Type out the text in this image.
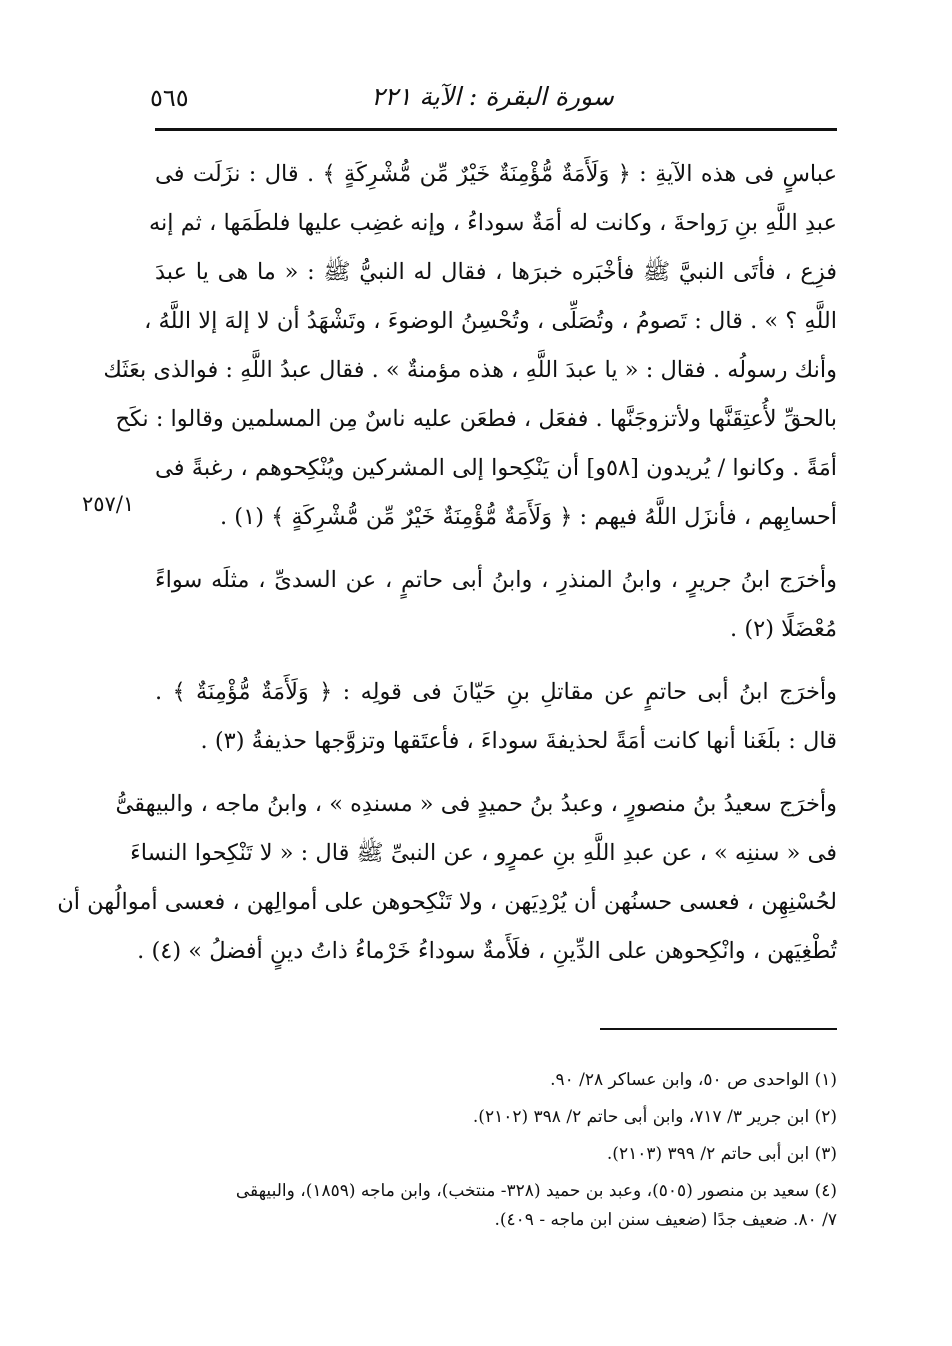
٥٦٥	سورة البقرة : الآية ٢٢١
٢٥٧/١
عباسٍ فى هذه الآيةِ : ﴿ وَلَأَمَةٌ مُّؤْمِنَةٌ خَيْرٌ مِّن مُّشْرِكَةٍ ﴾ . قال : نزَلَت فى
عبدِ اللَّهِ بنِ رَواحةَ ، وكانت له أمَةٌ سوداءُ ، وإنه غضِب عليها فلطَمَها ، ثم إنه
فزِع ، فأتَى النبيَّ ﷺ فأخْبَره خبرَها ، فقال له النبيُّ ﷺ : « ما هى يا عبدَ
اللَّهِ ؟ » . قال : تَصومُ ، وتُصَلِّى ، وتُحْسِنُ الوضوءَ ، وتَشْهَدُ أن لا إلهَ إلا اللَّهُ ،
وأنك رسولُه . فقال : « يا عبدَ اللَّهِ ، هذه مؤمنةٌ » . فقال عبدُ اللَّهِ : فوالذى بعَثَك
بالحقِّ لأُعتِقَنَّها ولأتزوجَنَّها . ففعَل ، فطعَن عليه ناسٌ مِن المسلمين وقالوا : نكَح
أمَةً . وكانوا / يُريدون [٥٨و] أن يَنْكِحوا إلى المشركين ويُنْكِحوهم ، رغبةً فى
أحسابِهم ، فأنزَل اللَّهُ فيهم : ﴿ وَلَأَمَةٌ مُّؤْمِنَةٌ خَيْرٌ مِّن مُّشْرِكَةٍ ﴾ (١) .
وأخرَج ابنُ جريرٍ ، وابنُ المنذرِ ، وابنُ أبى حاتمٍ ، عن السدىِّ ، مثلَه سواءً
مُعْضَلًا (٢) .
وأخرَج ابنُ أبى حاتمٍ عن مقاتلِ بنِ حَيّانَ فى قولِه : ﴿ وَلَأَمَةٌ مُّؤْمِنَةٌ ﴾ .
قال : بلَغَنا أنها كانت أمَةً لحذيفةَ سوداءَ ، فأعتَقها وتزوَّجها حذيفةُ (٣) .
وأخرَج سعيدُ بنُ منصورٍ ، وعبدُ بنُ حميدٍ فى « مسندِه » ، وابنُ ماجه ، والبيهقىُّ
فى « سننِه » ، عن عبدِ اللَّهِ بنِ عمرٍو ، عن النبىِّ ﷺ قال : « لا تَنْكِحوا النساءَ
لحُسْنِهِن ، فعسى حسنُهن أن يُرْدِيَهن ، ولا تَنْكِحوهن على أموالِهن ، فعسى أموالُهن أن
تُطْغِيَهن ، وانْكِحوهن على الدِّينِ ، فلَأَمةٌ سوداءُ خَرْماءُ ذاتُ دينٍ أفضلُ » (٤) .
(١) الواحدى ص ٥٠، وابن عساكر ٢٨/ ٩٠.
(٢) ابن جرير ٣/ ٧١٧، وابن أبى حاتم ٢/ ٣٩٨ (٢١٠٢).
(٣) ابن أبى حاتم ٢/ ٣٩٩ (٢١٠٣).
(٤) سعيد بن منصور (٥٠٥)، وعبد بن حميد (٣٢٨- منتخب)، وابن ماجه (١٨٥٩)، والبيهقى
٧/ ٨٠. ضعيف جدًا (ضعيف سنن ابن ماجه - ٤٠٩).
